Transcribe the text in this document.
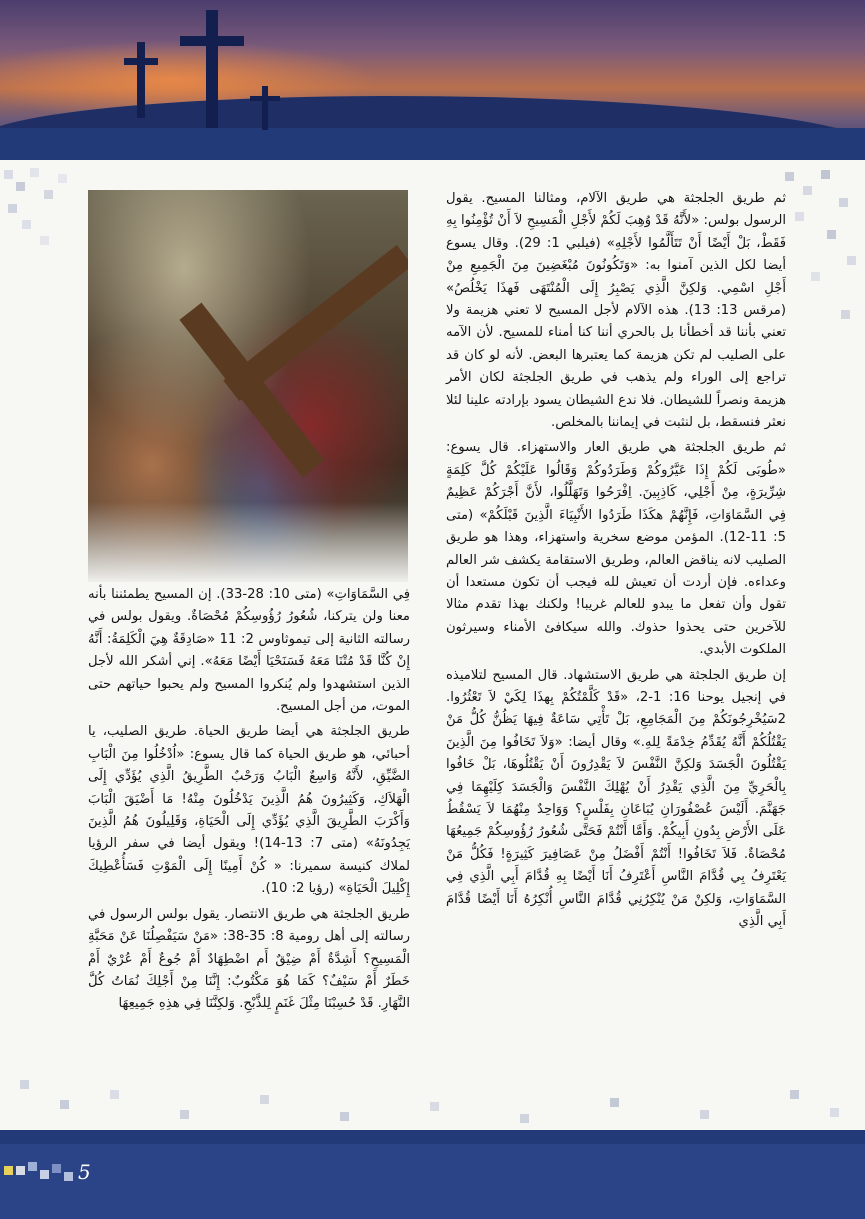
ثم طريق الجلجثة هي طريق الآلام، ومثالنا المسيح. يقول الرسول بولس: «لأَنَّهُ قَدْ وُهِبَ لَكُمْ لأَجْلِ الْمَسِيحِ لاَ أَنْ تُؤْمِنُوا بِهِ فَقَطْ، بَلْ أَيْضًا أَنْ تَتَأَلَّمُوا لأَجْلِهِ» (فيلبي 1: 29). وقال يسوع أيضا لكل الذين آمنوا به: «وَتَكُونُونَ مُبْغَضِينَ مِنَ الْجَمِيعِ مِنْ أَجْلِ اسْمِي. وَلكِنَّ الَّذِي يَصْبِرُ إِلَى الْمُنْتَهَى فَهذَا يَخْلُصُ» (مرقس 13: 13). هذه الآلام لأجل المسيح لا تعني هزيمة ولا تعني بأننا قد أخطأنا بل بالحري أننا كنا أمناء للمسيح. لأن الآمه على الصليب لم تكن هزيمة كما يعتبرها البعض. لأنه لو كان قد تراجع إلى الوراء ولم يذهب في طريق الجلجثة لكان الأمر هزيمة ونصراً للشيطان. فلا ندع الشيطان يسود بإرادته علينا لئلا نعثر فنسقط، بل لنثبت في إيماننا بالمخلص.

ثم طريق الجلجثة هي طريق العار والاستهزاء. قال يسوع: «طُوبَى لَكُمْ إِذَا عَيَّرُوكُمْ وَطَرَدُوكُمْ وَقَالُوا عَلَيْكُمْ كُلَّ كَلِمَةٍ شِرِّيرَةٍ، مِنْ أَجْلِي، كَاذِبِينَ. اِفْرَحُوا وَتَهَلَّلُوا، لأَنَّ أَجْرَكُمْ عَظِيمٌ فِي السَّمَاوَاتِ، فَإِنَّهُمْ هكَذَا طَرَدُوا الأَنْبِيَاءَ الَّذِينَ قَبْلَكُمْ» (متى 5: 11-12). المؤمن موضع سخرية واستهزاء، وهذا هو طريق الصليب لانه يناقض العالم، وطريق الاستقامة يكشف شر العالم وعداءه. فإن أردت أن تعيش لله فيجب أن تكون مستعدا أن تقول وأن تفعل ما يبدو للعالم غريبا! ولكنك بهذا تقدم مثالا للآخرين حتى يحذوا حذوك. والله سيكافئ الأمناء وسيرثون الملكوت الأبدي.

إن طريق الجلجثة هي طريق الاستشهاد. قال المسيح لتلاميذه في إنجيل يوحنا 16: 1-2، «قَدْ كَلَّمْتُكُمْ بِهذَا لِكَيْ لاَ تَعْثُرُوا. 2سَيُخْرِجُونَكُمْ مِنَ الْمَجَامِعِ، بَلْ تَأْتِي سَاعَةٌ فِيهَا يَظُنُّ كُلُّ مَنْ يَقْتُلُكُمْ أَنَّهُ يُقَدِّمُ خِدْمَةً لِلهِ.» وقال أيضا: «وَلاَ تَخَافُوا مِنَ الَّذِينَ يَقْتُلُونَ الْجَسَدَ وَلكِنَّ النَّفْسَ لاَ يَقْدِرُونَ أَنْ يَقْتُلُوهَا، بَلْ خَافُوا بِالْحَرِيِّ مِنَ الَّذِي يَقْدِرُ أَنْ يُهْلِكَ النَّفْسَ وَالْجَسَدَ كِلَيْهِمَا فِي جَهَنَّمَ. أَلَيْسَ عُصْفُورَانِ يُبَاعَانِ بِفَلْسٍ؟ وَوَاحِدٌ مِنْهُمَا لاَ يَسْقُطُ عَلَى الأَرْضِ بِدُونِ أَبِيكُمْ. وَأَمَّا أَنْتُمْ فَحَتَّى شُعُورُ رُؤُوسِكُمْ جَمِيعُهَا مُحْصَاةٌ. فَلاَ تَخَافُوا! أَنْتُمْ أَفْضَلُ مِنْ عَصَافِيرَ كَثِيرَةٍ! فَكُلُّ مَنْ يَعْتَرِفُ بِي قُدَّامَ النَّاسِ أَعْتَرِفُ أَنَا أَيْضًا بِهِ قُدَّامَ أَبِي الَّذِي فِي السَّمَاوَاتِ، وَلكِنْ مَنْ يُنْكِرُنِي قُدَّامَ النَّاسِ أُنْكِرُهُ أَنَا أَيْضًا قُدَّامَ أَبِي الَّذِي

فِي السَّمَاوَاتِ» (متى 10: 28-33). إن المسيح يطمئننا بأنه معنا ولن يتركنا، شُعُورُ رُؤُوسِكُمْ مُحْصَاةٌ. ويقول بولس في رسالته الثانية إلى تيموثاوس 2: 11 «صَادِقَةٌ هِيَ الْكَلِمَةُ: أَنَّهُ إِنْ كُنَّا قَدْ مُتْنَا مَعَهُ فَسَنَحْيَا أَيْضًا مَعَهُ». إني أشكر الله لأجل الذين استشهدوا ولم يُنكروا المسيح ولم يحبوا حياتهم حتى الموت، من أجل المسيح.

طريق الجلجثة هي أيضا طريق الحياة. طريق الصليب، يا أحبائي، هو طريق الحياة كما قال يسوع: «اُدْخُلُوا مِنَ الْبَابِ الضَّيِّقِ، لأَنَّهُ وَاسِعٌ الْبَابُ وَرَحْبٌ الطَّرِيقُ الَّذِي يُؤَدِّي إِلَى الْهَلاَكِ، وَكَثِيرُونَ هُمُ الَّذِينَ يَدْخُلُونَ مِنْهُ! مَا أَضْيَقَ الْبَابَ وَأَكْرَبَ الطَّرِيقَ الَّذِي يُؤَدِّي إِلَى الْحَيَاةِ، وَقَلِيلُونَ هُمُ الَّذِينَ يَجِدُونَهُ» (متى 7: 13-14)! ويقول أيضا في سفر الرؤيا لملاك كنيسة سميرنا: « كُنْ أَمِينًا إِلَى الْمَوْتِ فَسَأُعْطِيكَ إِكْلِيلَ الْحَيَاةِ» (رؤيا 2: 10).

طريق الجلجثة هي طريق الانتصار. يقول بولس الرسول في رسالته إلى أهل رومية 8: 35-38: «مَنْ سَيَفْصِلُنَا عَنْ مَحَبَّةِ الْمَسِيحِ؟ أَشِدَّةٌ أَمْ ضِيْقٌ أَم اضْطِهَادٌ أَمْ جُوعٌ أَمْ عُرْيٌ أَمْ خَطَرٌ أَمْ سَيْفٌ؟ كَمَا هُوَ مَكْتُوبٌ: إِنَّنَا مِنْ أَجْلِكَ نُمَاتُ كُلَّ النَّهَارِ. قَدْ حُسِبْنَا مِثْلَ غَنَمٍ لِلذَّبْحِ. وَلكِنَّنَا فِي هذِهِ جَمِيعِهَا

5
